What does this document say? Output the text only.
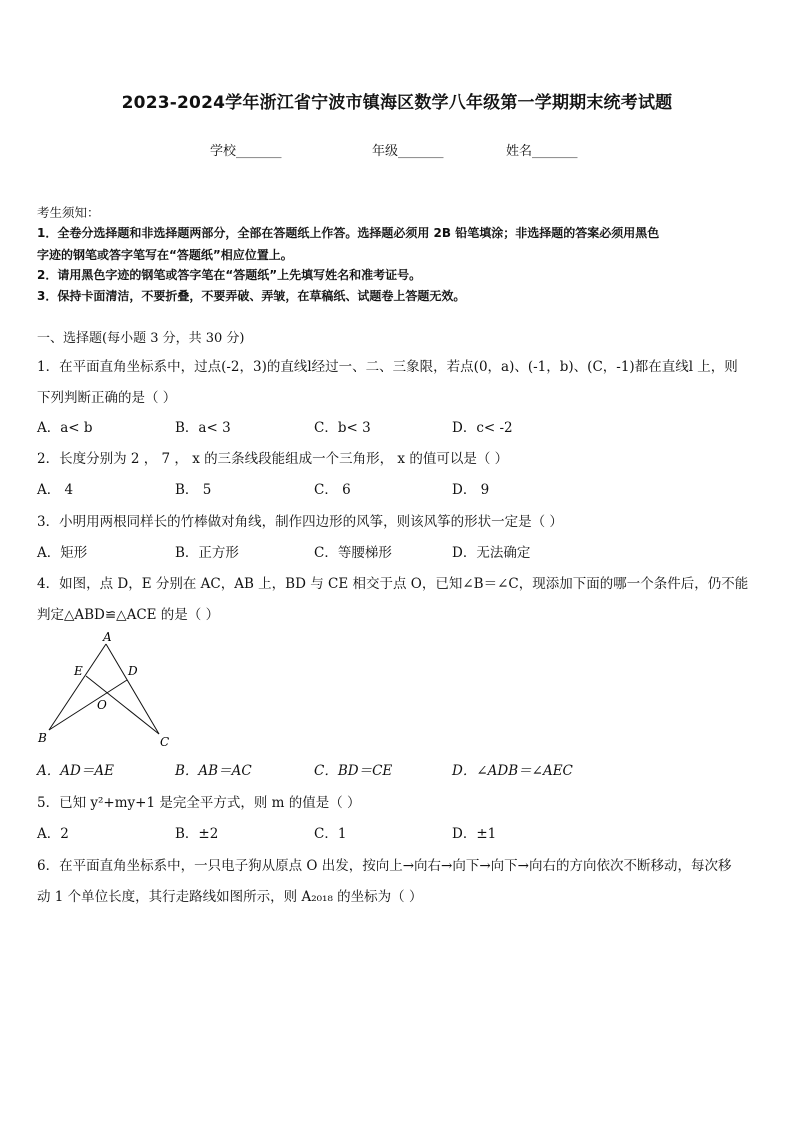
2023-2024学年浙江省宁波市镇海区数学八年级第一学期期末统考试题
学校_______	年级_______	姓名_______
考生须知：
1．全卷分选择题和非选择题两部分，全部在答题纸上作答。选择题必须用 2B 铅笔填涂；非选择题的答案必须用黑色
字迹的钢笔或答字笔写在“答题纸”相应位置上。
2．请用黑色字迹的钢笔或答字笔在“答题纸”上先填写姓名和准考证号。
3．保持卡面清洁，不要折叠，不要弄破、弄皱，在草稿纸、试题卷上答题无效。
一、选择题(每小题 3 分，共 30 分)
1．在平面直角坐标系中，过点(-2，3)的直线l经过一、二、三象限，若点(0，a)、(-1，b)、(C，-1)都在直线l 上，则
下列判断正确的是（ ）
A．a< b	B．a< 3	C．b< 3	D．c< -2
2．长度分别为 2 ， 7 ， x 的三条线段能组成一个三角形， x 的值可以是（ ）
A． 4	B． 5	C． 6	D． 9
3．小明用两根同样长的竹棒做对角线，制作四边形的风筝，则该风筝的形状一定是（ ）
A．矩形	B．正方形	C．等腰梯形	D．无法确定
4．如图，点 D，E 分别在 AC，AB 上，BD 与 CE 相交于点 O，已知∠B＝∠C，现添加下面的哪一个条件后，仍不能
判定△ABD≌△ACE 的是（ ）
A
B	C
D
E
O
A．AD＝AE	B．AB＝AC	C．BD＝CE	D．∠ADB＝∠AEC
5．已知 y²+my+1 是完全平方式，则 m 的值是（ ）
A．2	B．±2	C．1	D．±1
6．在平面直角坐标系中，一只电子狗从原点 O 出发，按向上→向右→向下→向下→向右的方向依次不断移动，每次移
动 1 个单位长度，其行走路线如图所示，则 A₂₀₁₈ 的坐标为（ ）
